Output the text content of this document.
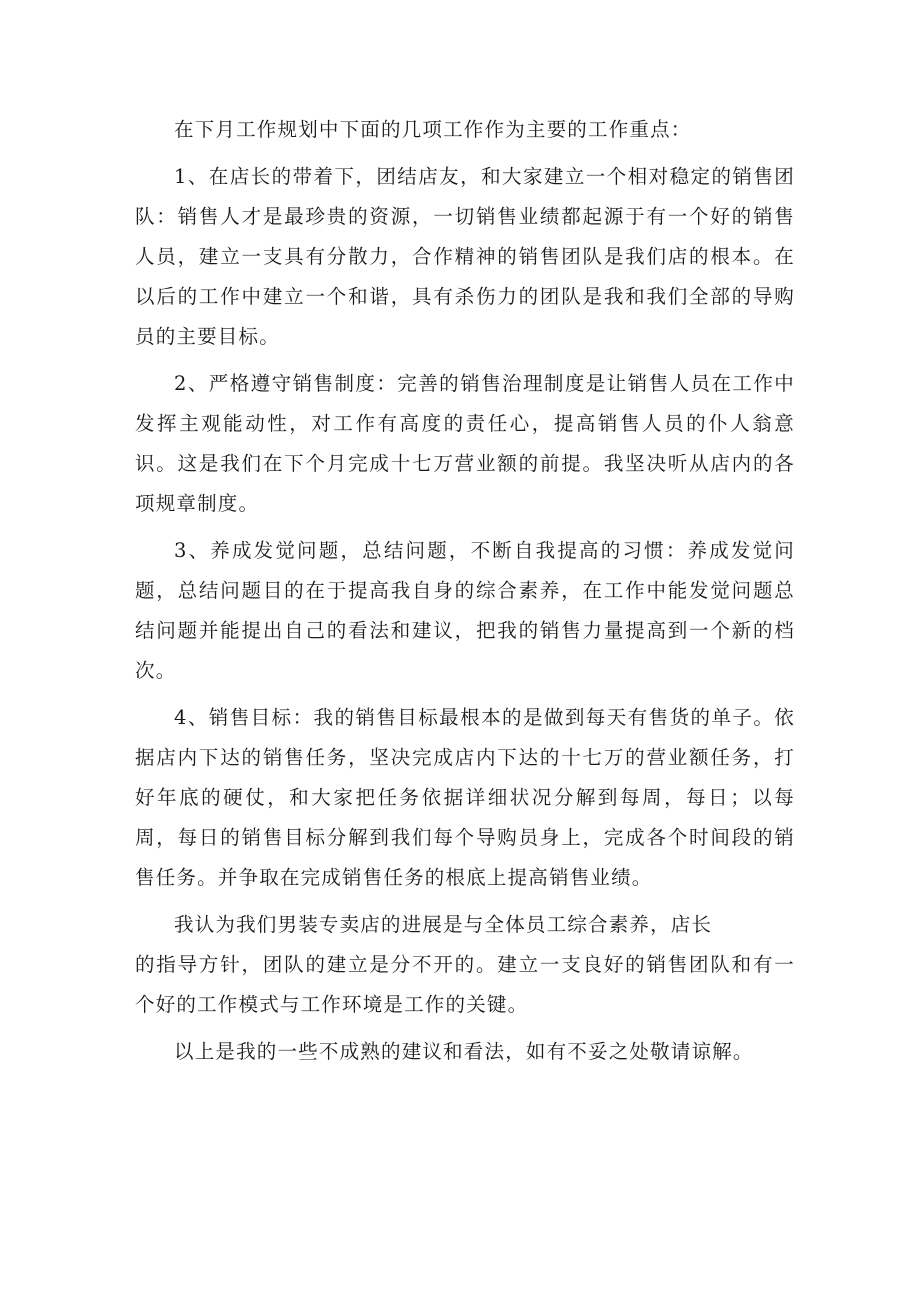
在下月工作规划中下面的几项工作作为主要的工作重点：

1、在店长的带着下，团结店友，和大家建立一个相对稳定的销售团队：销售人才是最珍贵的资源，一切销售业绩都起源于有一个好的销售人员，建立一支具有分散力，合作精神的销售团队是我们店的根本。在以后的工作中建立一个和谐，具有杀伤力的团队是我和我们全部的导购员的主要目标。

2、严格遵守销售制度：完善的销售治理制度是让销售人员在工作中发挥主观能动性，对工作有高度的责任心，提高销售人员的仆人翁意识。这是我们在下个月完成十七万营业额的前提。我坚决听从店内的各项规章制度。

3、养成发觉问题，总结问题，不断自我提高的习惯：养成发觉问题，总结问题目的在于提高我自身的综合素养，在工作中能发觉问题总结问题并能提出自己的看法和建议，把我的销售力量提高到一个新的档次。

4、销售目标：我的销售目标最根本的是做到每天有售货的单子。依据店内下达的销售任务，坚决完成店内下达的十七万的营业额任务，打好年底的硬仗，和大家把任务依据详细状况分解到每周，每日；以每周，每日的销售目标分解到我们每个导购员身上，完成各个时间段的销售任务。并争取在完成销售任务的根底上提高销售业绩。

我认为我们男装专卖店的进展是与全体员工综合素养，店长
的指导方针，团队的建立是分不开的。建立一支良好的销售团队和有一个好的工作模式与工作环境是工作的关键。

以上是我的一些不成熟的建议和看法，如有不妥之处敬请谅解。
